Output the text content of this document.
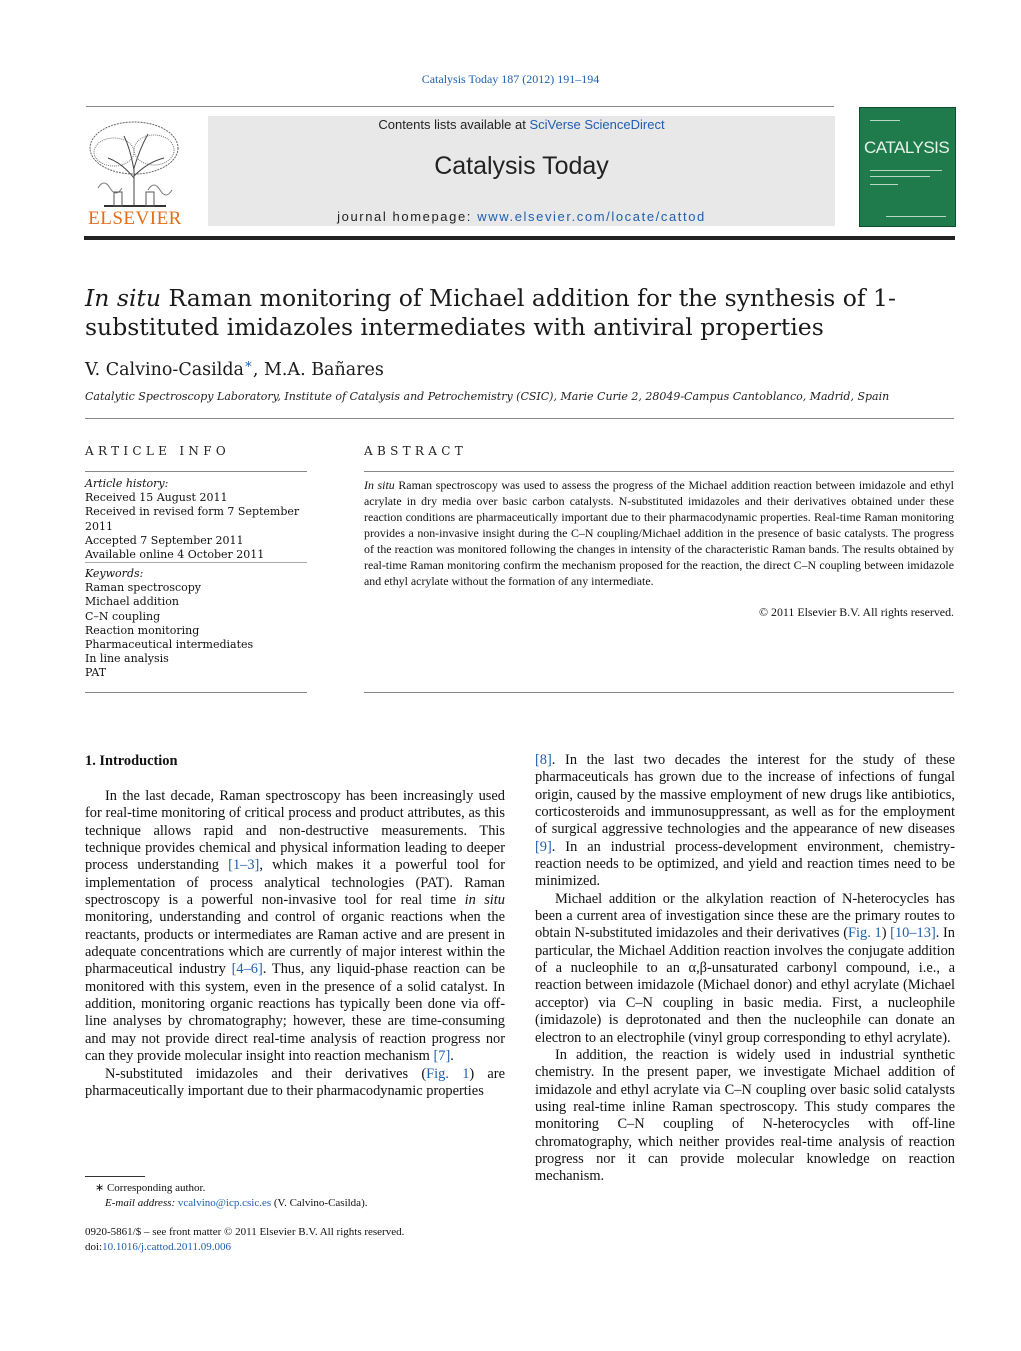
Catalysis Today 187 (2012) 191–194
ELSEVIER
Contents lists available at SciVerse ScienceDirect
Catalysis Today
journal homepage: www.elsevier.com/locate/cattod
CATALYSIS
In situ Raman monitoring of Michael addition for the synthesis of 1-substituted imidazoles intermediates with antiviral properties
V. Calvino-Casilda∗, M.A. Bañares
Catalytic Spectroscopy Laboratory, Institute of Catalysis and Petrochemistry (CSIC), Marie Curie 2, 28049-Campus Cantoblanco, Madrid, Spain
ARTICLE INFO	ABSTRACT
Article history:
Received 15 August 2011
Received in revised form 7 September 2011
Accepted 7 September 2011
Available online 4 October 2011
Keywords:
Raman spectroscopy
Michael addition
C–N coupling
Reaction monitoring
Pharmaceutical intermediates
In line analysis
PAT
In situ Raman spectroscopy was used to assess the progress of the Michael addition reaction between imidazole and ethyl acrylate in dry media over basic carbon catalysts. N-substituted imidazoles and their derivatives obtained under these reaction conditions are pharmaceutically important due to their pharmacodynamic properties. Real-time Raman monitoring provides a non-invasive insight during the C–N coupling/Michael addition in the presence of basic catalysts. The progress of the reaction was monitored following the changes in intensity of the characteristic Raman bands. The results obtained by real-time Raman monitoring confirm the mechanism proposed for the reaction, the direct C–N coupling between imidazole and ethyl acrylate without the formation of any intermediate.
© 2011 Elsevier B.V. All rights reserved.
1. Introduction

In the last decade, Raman spectroscopy has been increasingly used for real-time monitoring of critical process and product attributes, as this technique allows rapid and non-destructive measurements. This technique provides chemical and physical information leading to deeper process understanding [1–3], which makes it a powerful tool for implementation of process analytical technologies (PAT). Raman spectroscopy is a powerful non-invasive tool for real time in situ monitoring, understanding and control of organic reactions when the reactants, products or intermediates are Raman active and are present in adequate concentrations which are currently of major interest within the pharmaceutical industry [4–6]. Thus, any liquid-phase reaction can be monitored with this system, even in the presence of a solid catalyst. In addition, monitoring organic reactions has typically been done via off-line analyses by chromatography; however, these are time-consuming and may not provide direct real-time analysis of reaction progress nor can they provide molecular insight into reaction mechanism [7].

N-substituted imidazoles and their derivatives (Fig. 1) are pharmaceutically important due to their pharmacodynamic properties

[8]. In the last two decades the interest for the study of these pharmaceuticals has grown due to the increase of infections of fungal origin, caused by the massive employment of new drugs like antibiotics, corticosteroids and immunosuppressant, as well as for the employment of surgical aggressive technologies and the appearance of new diseases [9]. In an industrial process-development environment, chemistry-reaction needs to be optimized, and yield and reaction times need to be minimized.

Michael addition or the alkylation reaction of N-heterocycles has been a current area of investigation since these are the primary routes to obtain N-substituted imidazoles and their derivatives (Fig. 1) [10–13]. In particular, the Michael Addition reaction involves the conjugate addition of a nucleophile to an α,β-unsaturated carbonyl compound, i.e., a reaction between imidazole (Michael donor) and ethyl acrylate (Michael acceptor) via C–N coupling in basic media. First, a nucleophile (imidazole) is deprotonated and then the nucleophile can donate an electron to an electrophile (vinyl group corresponding to ethyl acrylate).

In addition, the reaction is widely used in industrial synthetic chemistry. In the present paper, we investigate Michael addition of imidazole and ethyl acrylate via C–N coupling over basic solid catalysts using real-time inline Raman spectroscopy. This study compares the monitoring C–N coupling of N-heterocycles with off-line chromatography, which neither provides real-time analysis of reaction progress nor it can provide molecular knowledge on reaction mechanism.

∗ Corresponding author.
E-mail address: vcalvino@icp.csic.es (V. Calvino-Casilda).
0920-5861/$ – see front matter © 2011 Elsevier B.V. All rights reserved.
doi:10.1016/j.cattod.2011.09.006
